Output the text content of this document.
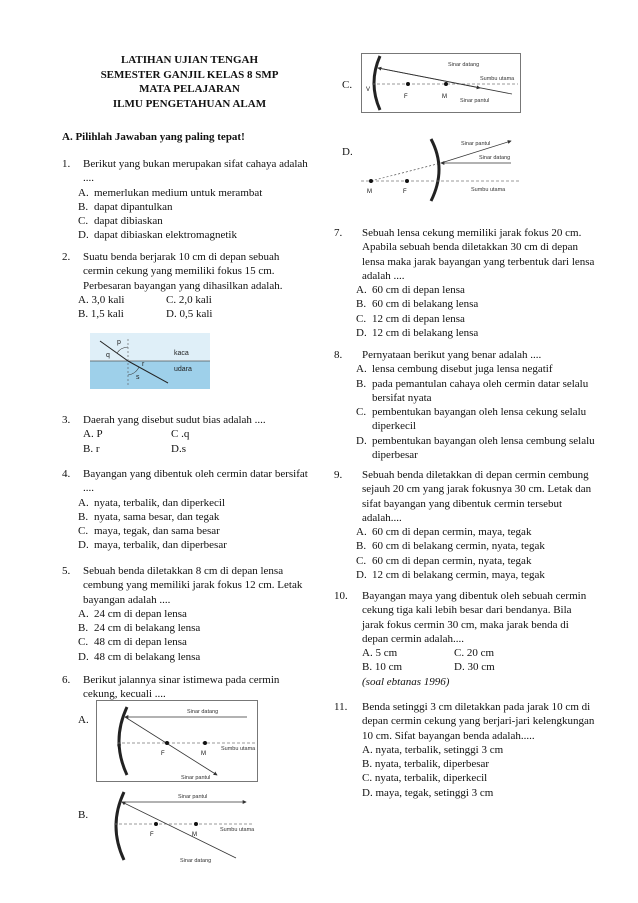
LATIHAN UJIAN TENGAH
SEMESTER GANJIL KELAS 8 SMP
MATA PELAJARAN
ILMU PENGETAHUAN ALAM
A. Pilihlah Jawaban yang paling tepat!
1. Berikut yang bukan merupakan sifat cahaya adalah ....
A. memerlukan medium untuk merambat
B. dapat dipantulkan
C. dapat dibiaskan
D. dapat dibiaskan elektromagnetik
2. Suatu benda berjarak 10 cm di depan sebuah cermin cekung yang memiliki fokus 15 cm. Perbesaran bayangan yang dihasilkan adalah.
A. 3,0 kali	C. 2,0 kali
B. 1,5 kali	D. 0,5 kali
p
q
r
s
kaca
udara
3. Daerah yang disebut sudut bias adalah ....
A. P	C .q
B. r	D.s
4. Bayangan yang dibentuk oleh cermin datar bersifat ....
A. nyata, terbalik, dan diperkecil
B. nyata, sama besar, dan tegak
C. maya, tegak, dan sama besar
D. maya, terbalik, dan diperbesar
5. Sebuah benda diletakkan 8 cm di depan lensa cembung yang memiliki jarak fokus 12 cm. Letak bayangan adalah ....
A. 24 cm di depan lensa
B. 24 cm di belakang lensa
C. 48 cm di depan lensa
D. 48 cm di belakang lensa
6. Berikut jalannya sinar istimewa pada cermin cekung, kecuali ....
A.
Sinar datang
Sinar pantul
Sumbu utama
V
F	M
B.
Sinar pantul
Sinar datang
Sumbu utama
F	M
C.
Sinar datang
Sumbu utama
Sinar pantul
V
F	M
D.
Sinar pantul
Sinar datang
Sumbu utama
M	F
7. Sebuah lensa cekung memiliki jarak fokus 20 cm. Apabila sebuah benda diletakkan 30 cm di depan lensa maka jarak bayangan yang terbentuk dari lensa adalah ....
A. 60 cm di depan lensa
B. 60 cm di belakang lensa
C. 12 cm di depan lensa
D. 12 cm di belakang lensa
8. Pernyataan berikut yang benar adalah ....
A. lensa cembung disebut juga lensa negatif
B. pada pemantulan cahaya oleh cermin datar selalu bersifat nyata
C. pembentukan bayangan oleh lensa cekung selalu diperkecil
D. pembentukan bayangan oleh lensa cembung selalu diperbesar
9. Sebuah benda diletakkan di depan cermin cembung sejauh 20 cm yang jarak fokusnya 30 cm. Letak dan sifat bayangan yang dibentuk cermin tersebut adalah....
A. 60 cm di depan cermin, maya, tegak
B. 60 cm di belakang cermin, nyata, tegak
C. 60 cm di depan cermin, nyata, tegak
D. 12 cm di belakang cermin, maya, tegak
10. Bayangan maya yang dibentuk oleh sebuah cermin cekung tiga kali lebih besar dari bendanya. Bila jarak fokus cermin 30 cm, maka jarak benda di depan cermin adalah....
A. 5 cm	C. 20 cm
B. 10 cm	D. 30 cm
(soal ebtanas 1996)
11. Benda setinggi 3 cm diletakkan pada jarak 10 cm di depan cermin cekung yang berjari-jari kelengkungan 10 cm. Sifat bayangan benda adalah.....
A. nyata, terbalik, setinggi 3 cm
B. nyata, terbalik, diperbesar
C. nyata, terbalik, diperkecil
D. maya, tegak, setinggi 3 cm
